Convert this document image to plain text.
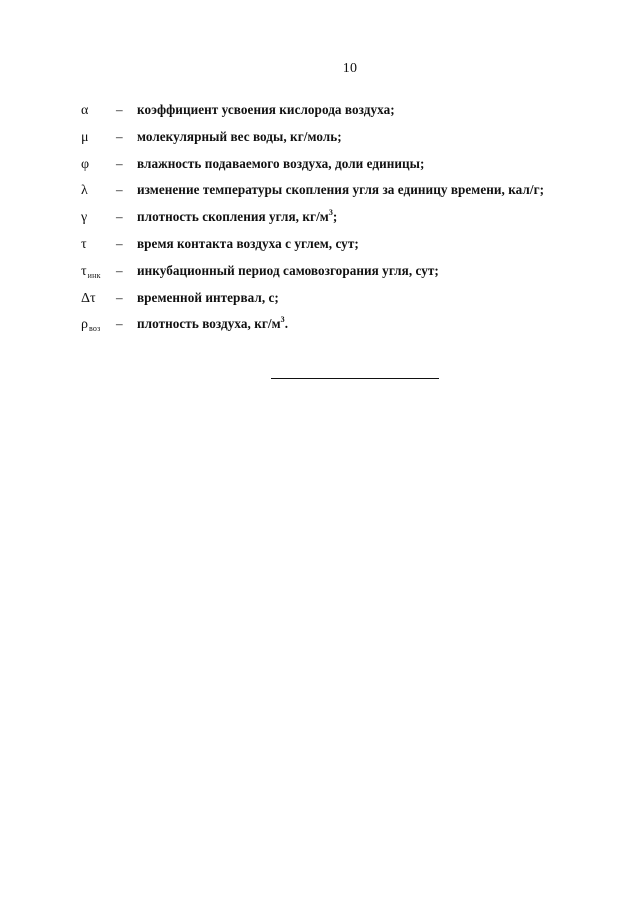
10
α	– коэффициент усвоения кислорода воздуха;
μ	– молекулярный вес воды, кг/моль;
φ	– влажность подаваемого воздуха, доли единицы;
λ	– изменение температуры скопления угля за единицу времени, кал/г;
γ	– плотность скопления угля, $кг/м^3$;
τ	– время контакта воздуха с углем, сут;
$\tau_{инк}$	– инкубационный период самовозгорания угля, сут;
Δτ	– временной интервал, с;
$\rho_{воз}$	– плотность воздуха, $кг/м^3$.
